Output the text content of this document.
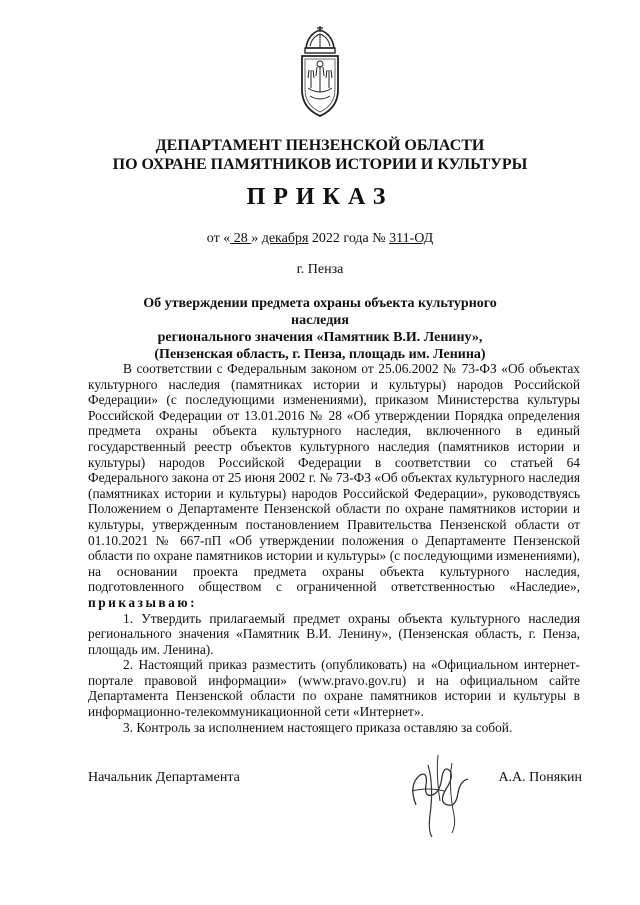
ДЕПАРТАМЕНТ ПЕНЗЕНСКОЙ ОБЛАСТИ
ПО ОХРАНЕ ПАМЯТНИКОВ ИСТОРИИ И КУЛЬТУРЫ
ПРИКАЗ
от « 28 » декабря 2022 года № 311-ОД
г. Пенза
Об утверждении предмета охраны объекта культурного наследия
регионального значения «Памятник В.И. Ленину»,
(Пензенская область, г. Пенза, площадь им. Ленина)

В соответствии с Федеральным законом от 25.06.2002 № 73-ФЗ «Об объектах культурного наследия (памятниках истории и культуры) народов Российской Федерации» (с последующими изменениями), приказом Министерства культуры Российской Федерации от 13.01.2016 № 28 «Об утверждении Порядка определения предмета охраны объекта культурного наследия, включенного в единый государственный реестр объектов культурного наследия (памятников истории и культуры) народов Российской Федерации в соответствии со статьей 64 Федерального закона от 25 июня 2002 г. № 73-ФЗ «Об объектах культурного наследия (памятниках истории и культуры) народов Российской Федерации», руководствуясь Положением о Департаменте Пензенской области по охране памятников истории и культуры, утвержденным постановлением Правительства Пензенской области от 01.10.2021 № 667-пП «Об утверждении положения о Департаменте Пензенской области по охране памятников истории и культуры» (с последующими изменениями), на основании проекта предмета охраны объекта культурного наследия, подготовленного обществом с ограниченной ответственностью «Наследие», приказываю:

1. Утвердить прилагаемый предмет охраны объекта культурного наследия регионального значения «Памятник В.И. Ленину», (Пензенская область, г. Пенза, площадь им. Ленина).

2. Настоящий приказ разместить (опубликовать) на «Официальном интернет-портале правовой информации» (www.pravo.gov.ru) и на официальном сайте Департамента Пензенской области по охране памятников истории и культуры в информационно-телекоммуникационной сети «Интернет».

3. Контроль за исполнением настоящего приказа оставляю за собой.

Начальник Департамента	А.А. Понякин
